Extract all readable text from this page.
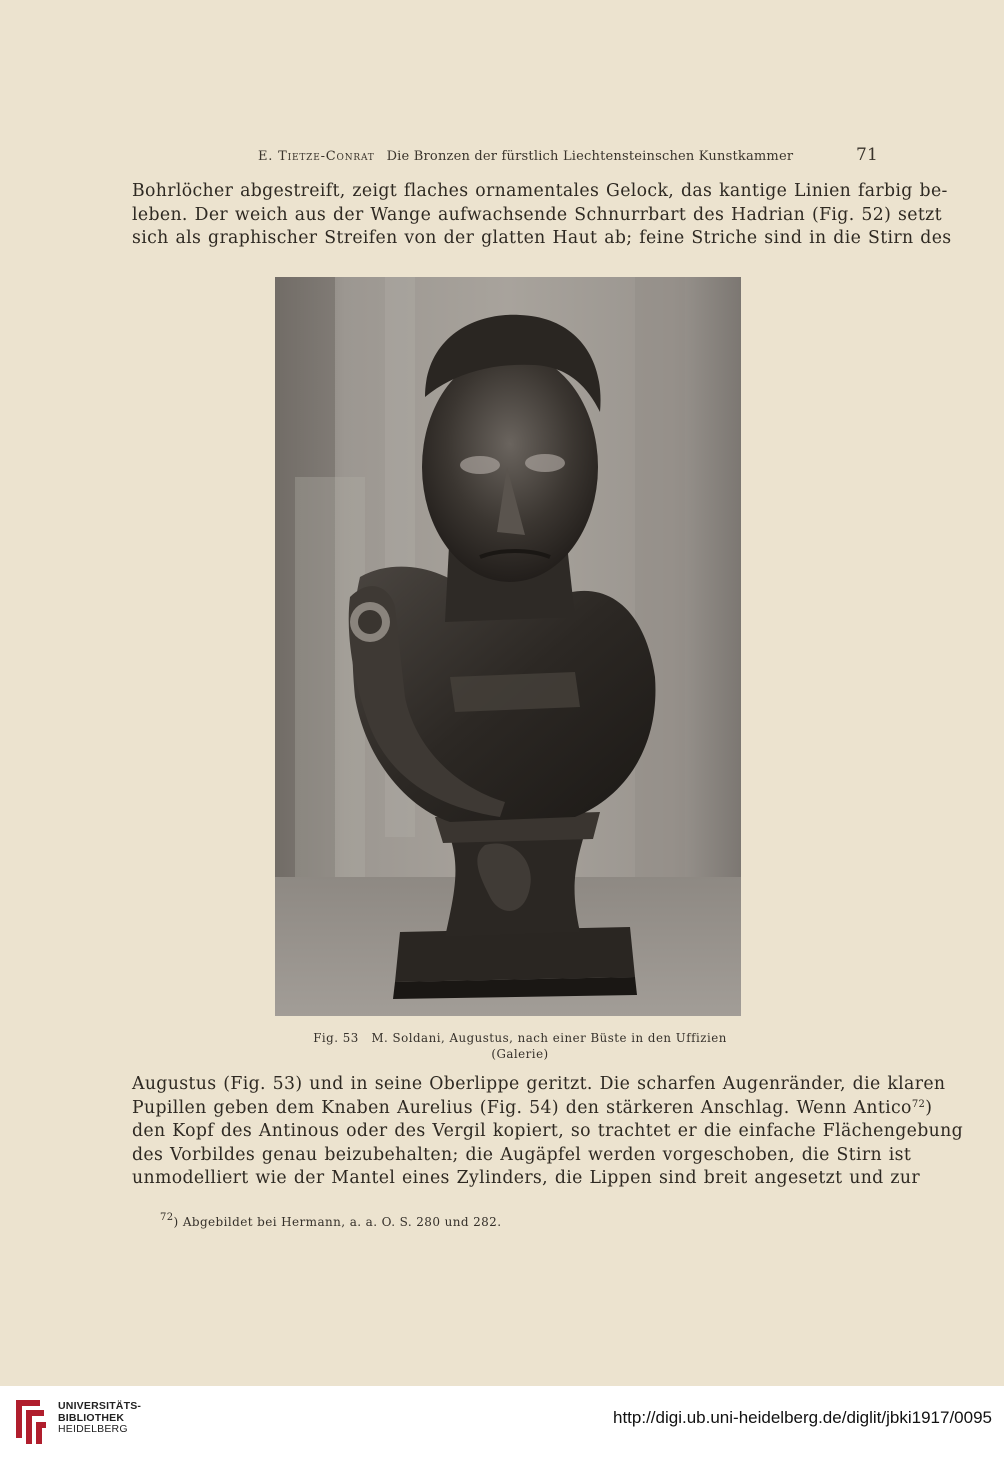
E. Tietze-Conrat Die Bronzen der fürstlich Liechtensteinschen Kunstkammer	71
Bohrlöcher abgestreift, zeigt flaches ornamentales Gelock, das kantige Linien farbig be-
leben. Der weich aus der Wange aufwachsende Schnurrbart des Hadrian (Fig. 52) setzt
sich als graphischer Streifen von der glatten Haut ab; feine Striche sind in die Stirn des
Fig. 53   M. Soldani, Augustus, nach einer Büste in den Uffizien
(Galerie)
Augustus (Fig. 53) und in seine Oberlippe geritzt. Die scharfen Augenränder, die klaren
Pupillen geben dem Knaben Aurelius (Fig. 54) den stärkeren Anschlag. Wenn Antico$^{72}$)
den Kopf des Antinous oder des Vergil kopiert, so trachtet er die einfache Flächengebung
des Vorbildes genau beizubehalten; die Augäpfel werden vorgeschoben, die Stirn ist
unmodelliert wie der Mantel eines Zylinders, die Lippen sind breit angesetzt und zur
$^{72}$) Abgebildet bei Hermann, a. a. O. S. 280 und 282.
UNIVERSITÄTS-
BIBLIOTHEK
HEIDELBERG
http://digi.ub.uni-heidelberg.de/diglit/jbki1917/0095
